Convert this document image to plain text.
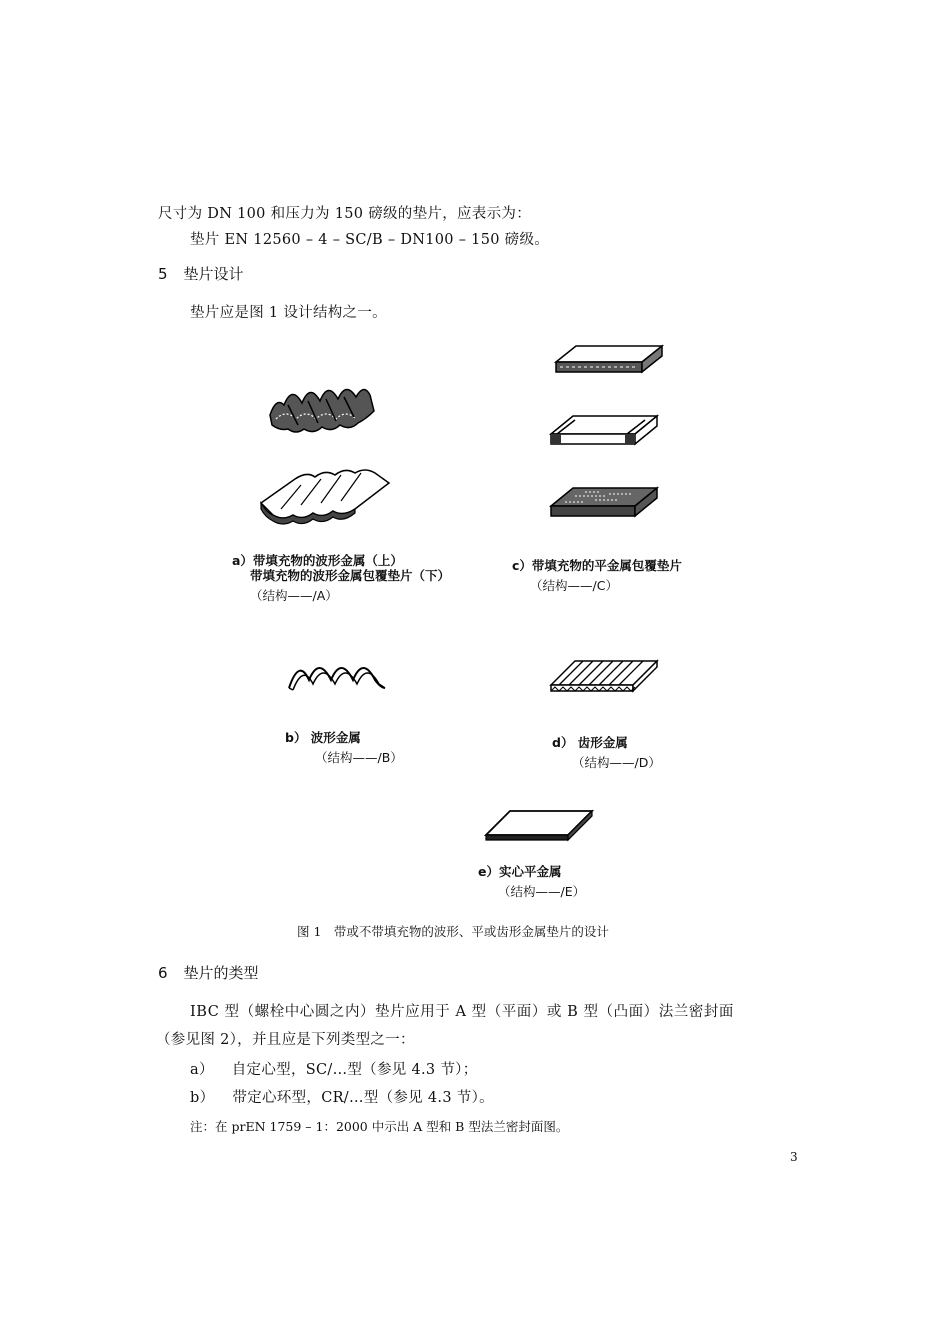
尺寸为 DN 100 和压力为 150 磅级的垫片，应表示为：
垫片 EN 12560 – 4 – SC/B – DN100 – 150 磅级。
5 垫片设计
垫片应是图 1 设计结构之一。
a）带填充物的波形金属（上）
带填充物的波形金属包覆垫片（下）
（结构——/A）
c）带填充物的平金属包覆垫片
（结构——/C）
b） 波形金属
（结构——/B）
d） 齿形金属
（结构——/D）
e）实心平金属
（结构——/E）
图 1　带或不带填充物的波形、平或齿形金属垫片的设计
6 垫片的类型
IBC 型（螺栓中心圆之内）垫片应用于 A 型（平面）或 B 型（凸面）法兰密封面
（参见图 2），并且应是下列类型之一：
a） 自定心型，SC/…型（参见 4.3 节）；
b） 带定心环型，CR/…型（参见 4.3 节）。
注：在 prEN 1759 – 1：2000 中示出 A 型和 B 型法兰密封面图。
3
